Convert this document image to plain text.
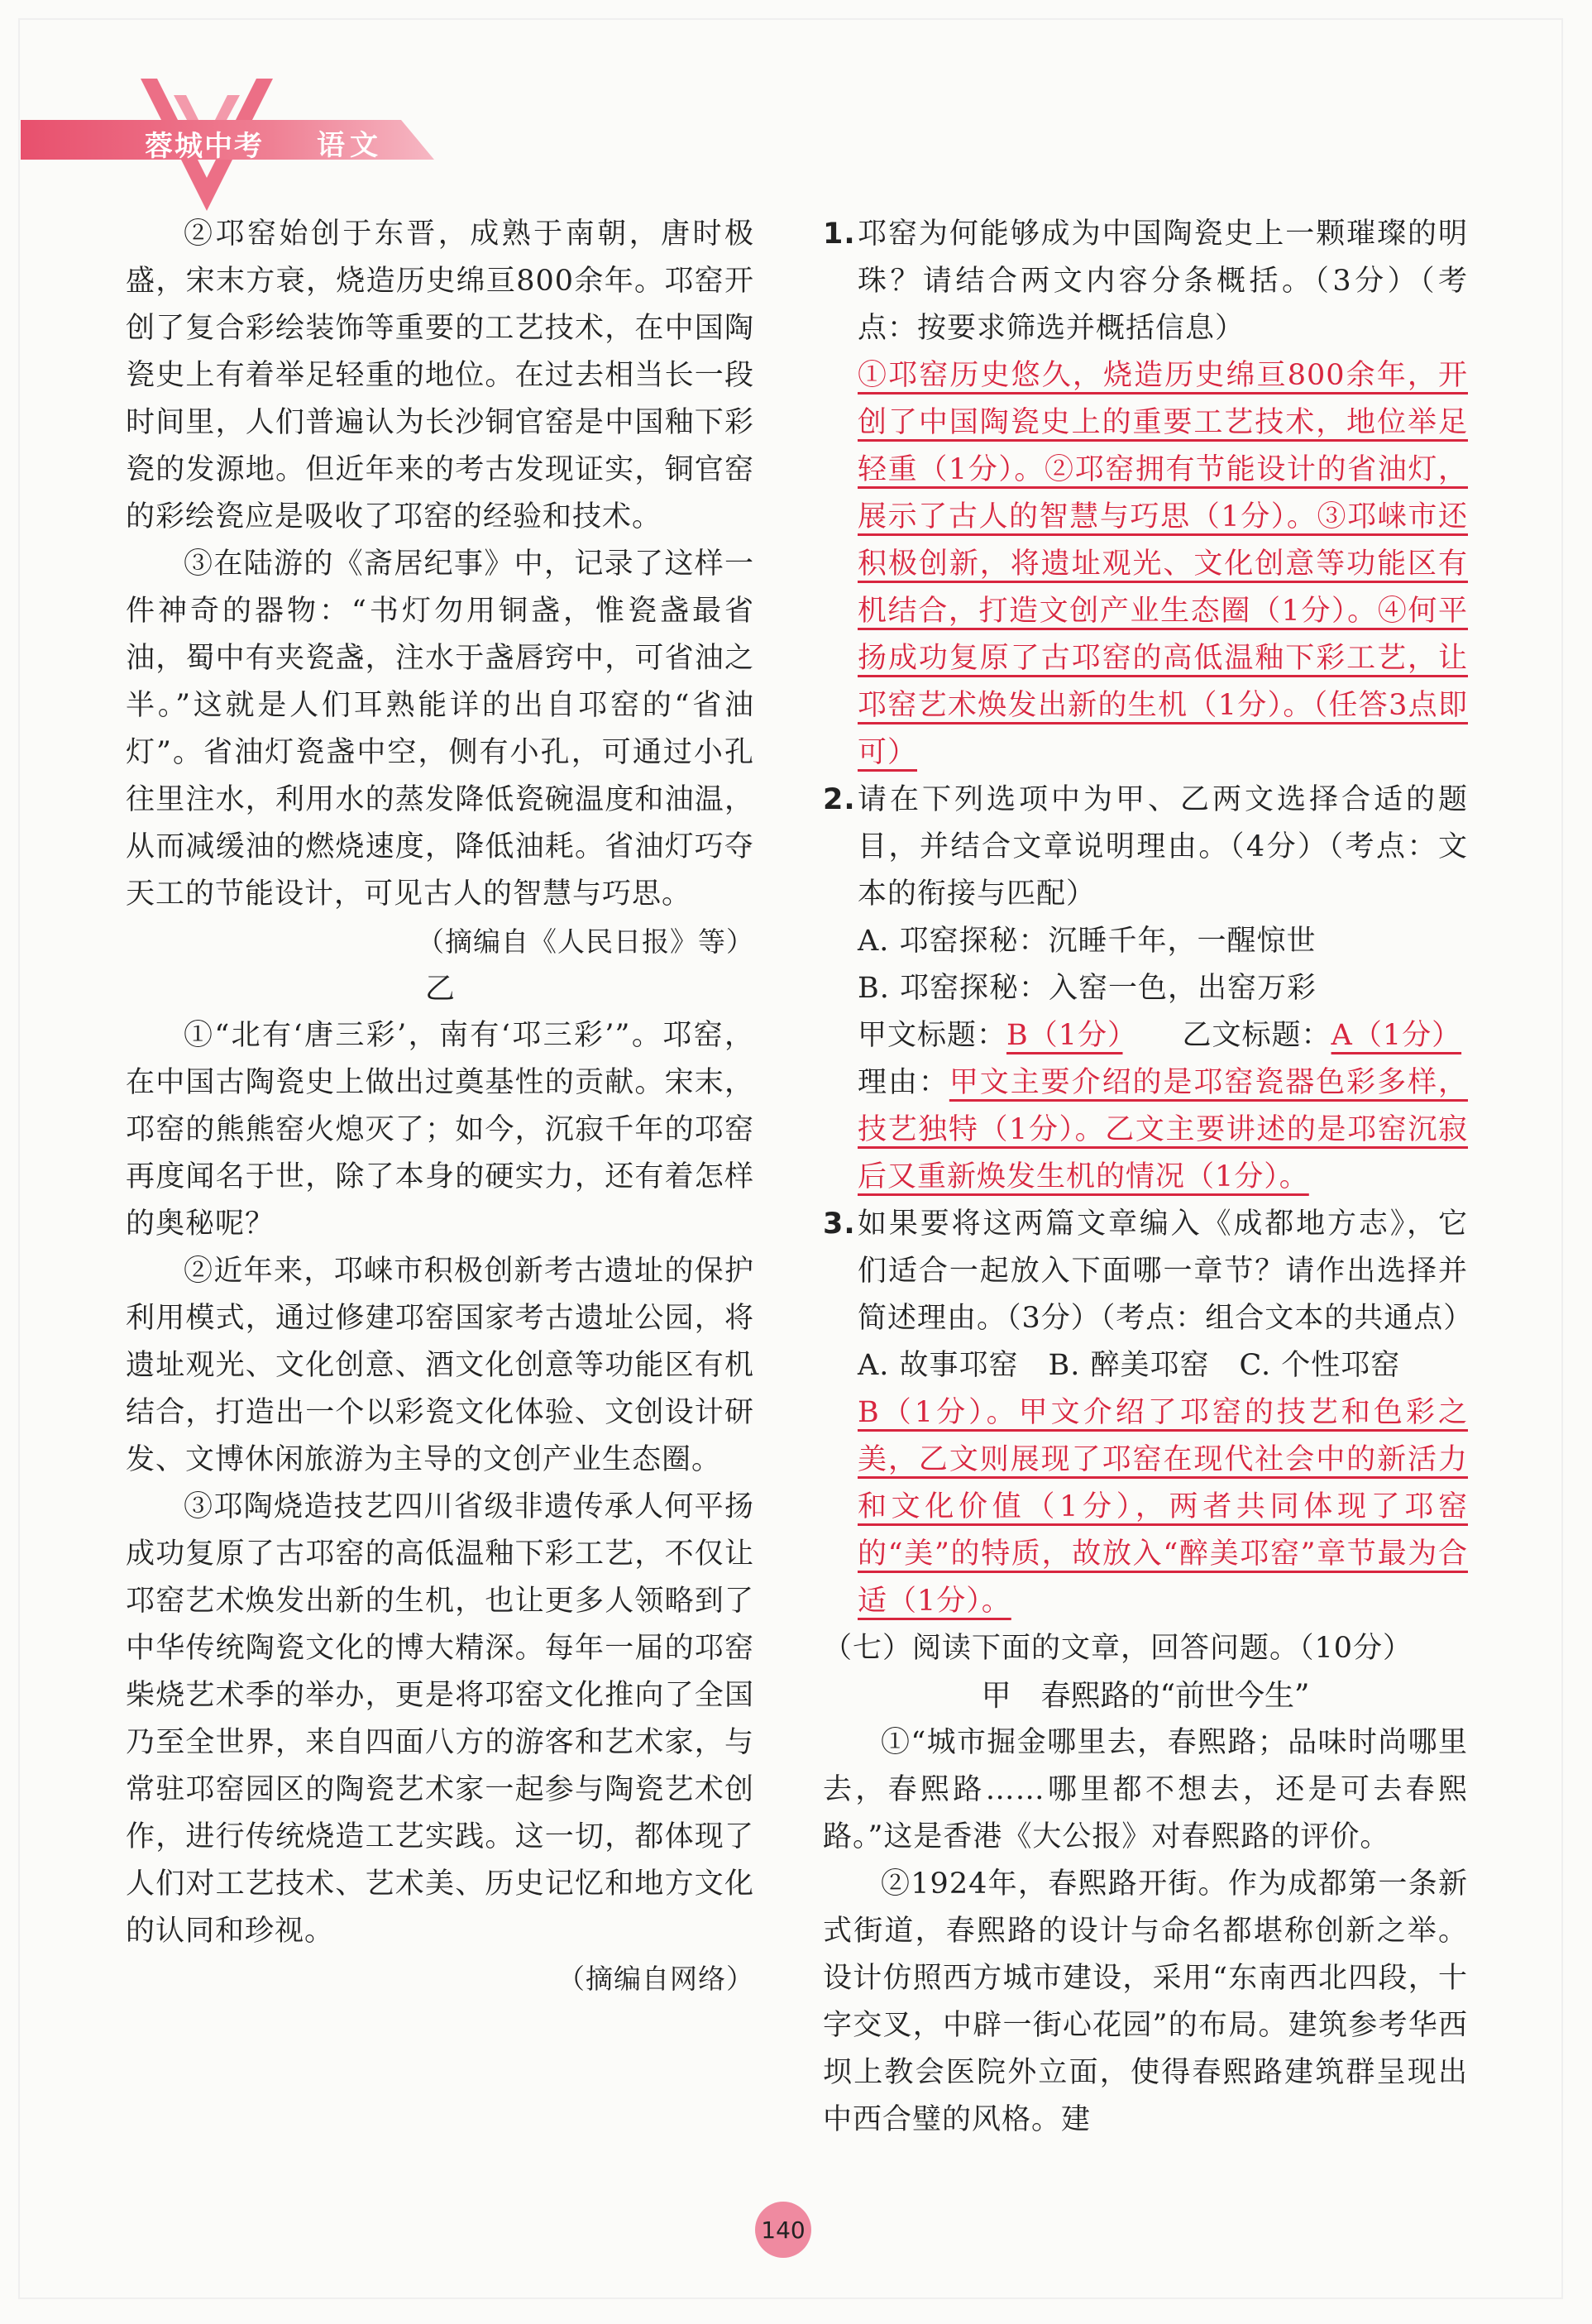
蓉城中考 语文

②邛窑始创于东晋，成熟于南朝，唐时极盛，宋末方衰，烧造历史绵亘800余年。邛窑开创了复合彩绘装饰等重要的工艺技术，在中国陶瓷史上有着举足轻重的地位。在过去相当长一段时间里，人们普遍认为长沙铜官窑是中国釉下彩瓷的发源地。但近年来的考古发现证实，铜官窑的彩绘瓷应是吸收了邛窑的经验和技术。

③在陆游的《斋居纪事》中，记录了这样一件神奇的器物：“书灯勿用铜盏，惟瓷盏最省油，蜀中有夹瓷盏，注水于盏唇窍中，可省油之半。”这就是人们耳熟能详的出自邛窑的“省油灯”。省油灯瓷盏中空，侧有小孔，可通过小孔往里注水，利用水的蒸发降低瓷碗温度和油温，从而减缓油的燃烧速度，降低油耗。省油灯巧夺天工的节能设计，可见古人的智慧与巧思。

（摘编自《人民日报》等）

乙

①“北有‘唐三彩’，南有‘邛三彩’”。邛窑，在中国古陶瓷史上做出过奠基性的贡献。宋末，邛窑的熊熊窑火熄灭了；如今，沉寂千年的邛窑再度闻名于世，除了本身的硬实力，还有着怎样的奥秘呢？

②近年来，邛崃市积极创新考古遗址的保护利用模式，通过修建邛窑国家考古遗址公园，将遗址观光、文化创意、酒文化创意等功能区有机结合，打造出一个以彩瓷文化体验、文创设计研发、文博休闲旅游为主导的文创产业生态圈。

③邛陶烧造技艺四川省级非遗传承人何平扬成功复原了古邛窑的高低温釉下彩工艺，不仅让邛窑艺术焕发出新的生机，也让更多人领略到了中华传统陶瓷文化的博大精深。每年一届的邛窑柴烧艺术季的举办，更是将邛窑文化推向了全国乃至全世界，来自四面八方的游客和艺术家，与常驻邛窑园区的陶瓷艺术家一起参与陶瓷艺术创作，进行传统烧造工艺实践。这一切，都体现了人们对工艺技术、艺术美、历史记忆和地方文化的认同和珍视。

（摘编自网络）

1. 邛窑为何能够成为中国陶瓷史上一颗璀璨的明珠？请结合两文内容分条概括。（3分）（考点：按要求筛选并概括信息）

①邛窑历史悠久，烧造历史绵亘800余年，开创了中国陶瓷史上的重要工艺技术，地位举足轻重（1分）。②邛窑拥有节能设计的省油灯，展示了古人的智慧与巧思（1分）。③邛崃市还积极创新，将遗址观光、文化创意等功能区有机结合，打造文创产业生态圈（1分）。④何平扬成功复原了古邛窑的高低温釉下彩工艺，让邛窑艺术焕发出新的生机（1分）。（任答3点即可）

2. 请在下列选项中为甲、乙两文选择合适的题目，并结合文章说明理由。（4分）（考点：文本的衔接与匹配）

A. 邛窑探秘：沉睡千年，一醒惊世

B. 邛窑探秘：入窑一色，出窑万彩

甲文标题：B（1分）　　 乙文标题：A（1分）

理由：甲文主要介绍的是邛窑瓷器色彩多样，技艺独特（1分）。乙文主要讲述的是邛窑沉寂后又重新焕发生机的情况（1分）。

3. 如果要将这两篇文章编入《成都地方志》，它们适合一起放入下面哪一章节？请作出选择并简述理由。（3分）（考点：组合文本的共通点）

A. 故事邛窑　B. 醉美邛窑　C. 个性邛窑

B（1分）。甲文介绍了邛窑的技艺和色彩之美，乙文则展现了邛窑在现代社会中的新活力和文化价值（1分），两者共同体现了邛窑的“美”的特质，故放入“醉美邛窑”章节最为合适（1分）。

（七）阅读下面的文章，回答问题。（10分）

甲　春熙路的“前世今生”

①“城市掘金哪里去，春熙路；品味时尚哪里去，春熙路……哪里都不想去，还是可去春熙路。”这是香港《大公报》对春熙路的评价。

②1924年，春熙路开街。作为成都第一条新式街道，春熙路的设计与命名都堪称创新之举。设计仿照西方城市建设，采用“东南西北四段，十字交叉，中辟一街心花园”的布局。建筑参考华西坝上教会医院外立面，使得春熙路建筑群呈现出中西合璧的风格。建

140
